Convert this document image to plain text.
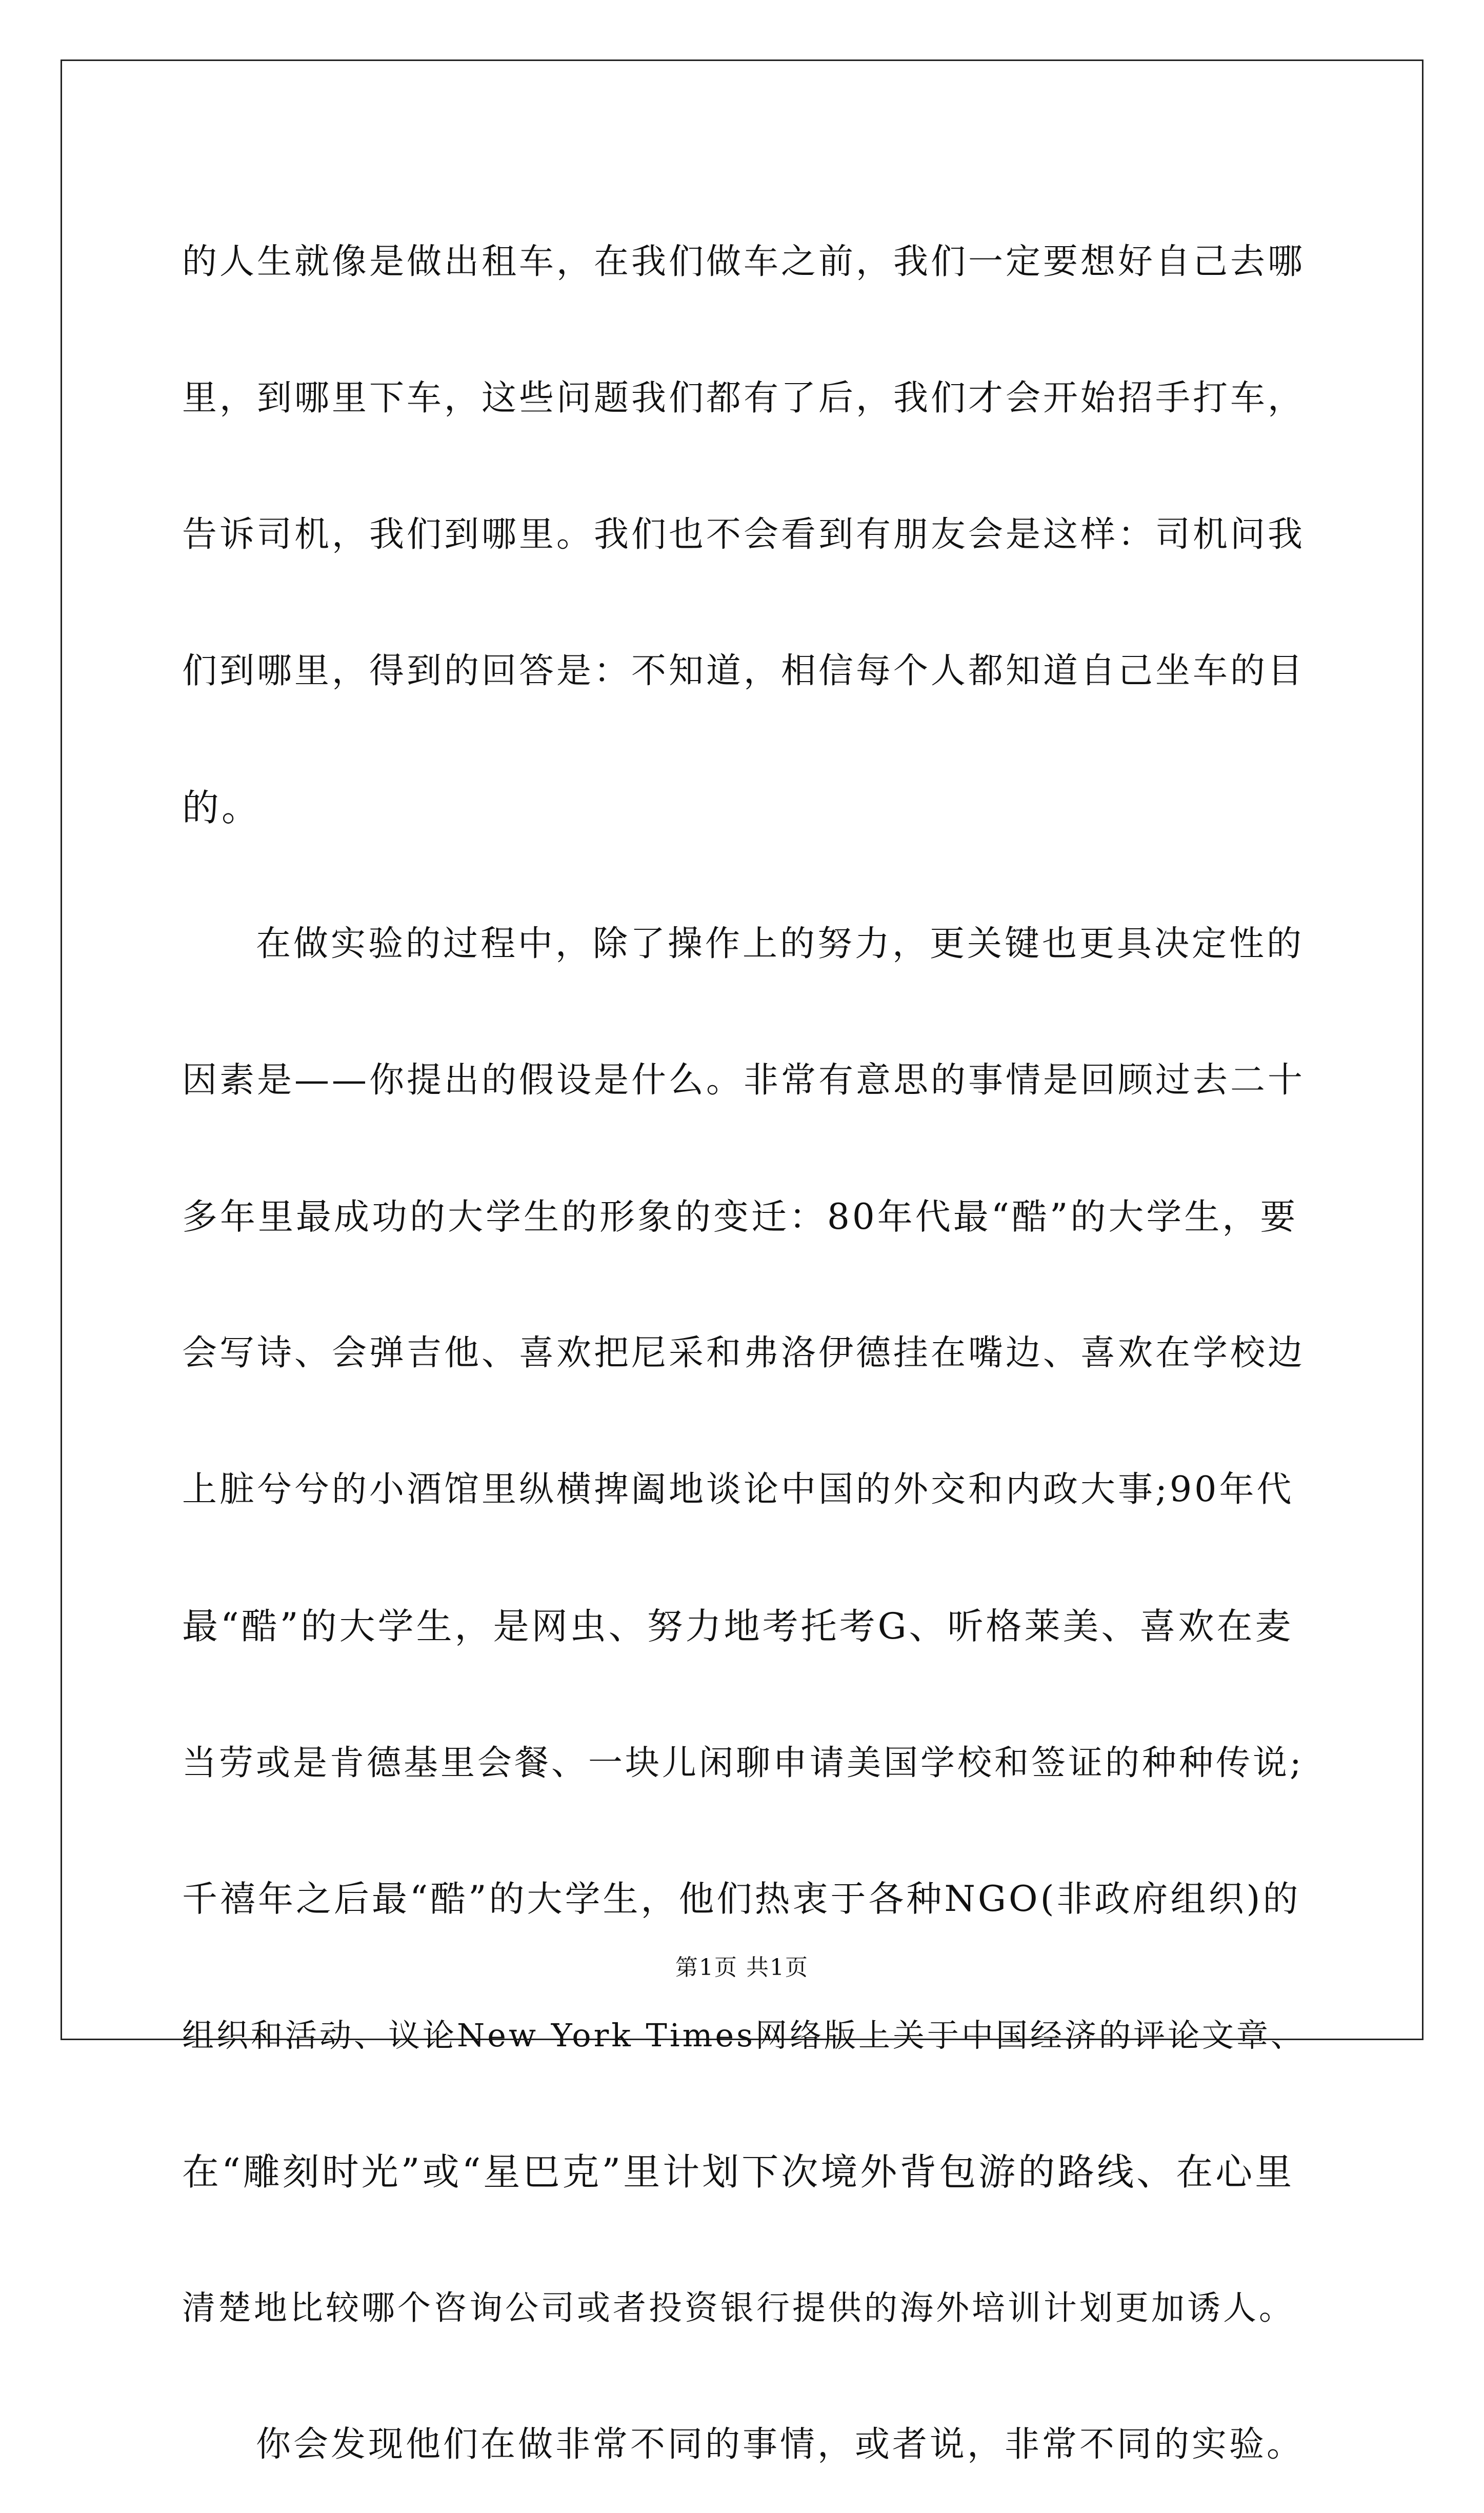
的人生就像是做出租车，在我们做车之前，我们一定要想好自己去哪
里，到哪里下车，这些问题我们都有了后，我们才会开始招手打车，
告诉司机，我们到哪里。我们也不会看到有朋友会是这样：司机问我
们到哪里，得到的回答是：不知道，相信每个人都知道自己坐车的目
的。
在做实验的过程中，除了操作上的努力，更关键也更具决定性的
因素是——你提出的假设是什么。非常有意思的事情是回顾过去二十
多年里最成功的大学生的形象的变迁：80年代最“酷”的大学生，要
会写诗、会弹吉他、喜欢把尼采和弗洛伊德挂在嘴边、喜欢在学校边
上脏兮兮的小酒馆里纵横捭阖地谈论中国的外交和内政大事;90年代
最“酷”的大学生，是网虫、努力地考托考G、听格莱美、喜欢在麦
当劳或是肯德基里会餐、一块儿闲聊申请美国学校和签证的种种传说;
千禧年之后最“酷”的大学生，他们热衷于各种NGO(非政府组织)的
组织和活动、议论New York Times网络版上关于中国经济的评论文章、
在“雕刻时光”或“星巴克”里计划下次境外背包游的路线、在心里
清楚地比较哪个咨询公司或者投资银行提供的海外培训计划更加诱人。
你会发现他们在做非常不同的事情，或者说，非常不同的实验。
第1页 共1页
